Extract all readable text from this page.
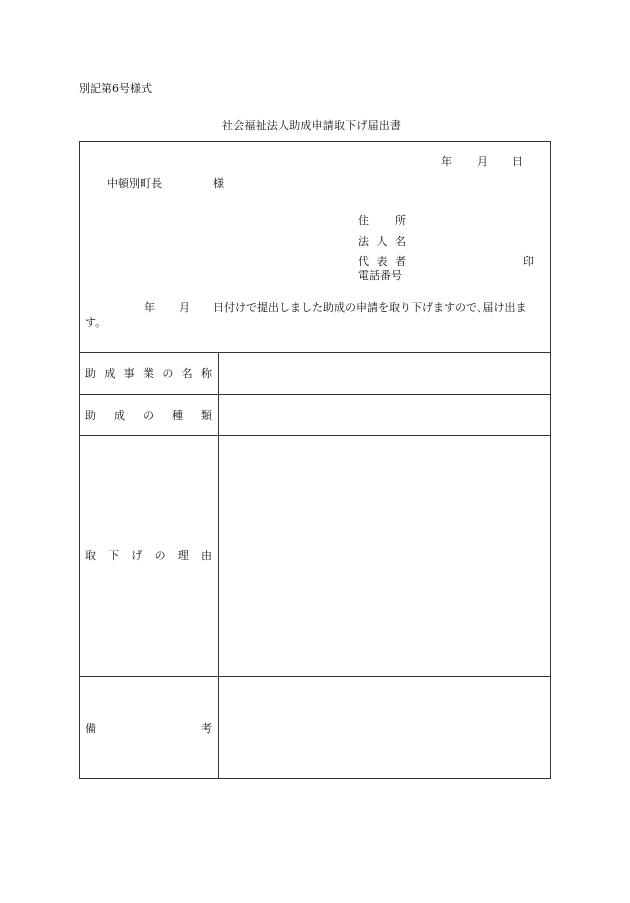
別記第6号様式
社会福祉法人助成申請取下げ届出書
年 月 日
中頓別町長	様
住 所
法 人 名
代 表 者	印
電話番号
年 月 日付けで提出しました助成の申請を取り下げますので､届け出ま
す。
助 成 事 業 の 名 称
助 成 の 種 類
取 下 げ の 理 由
備	考
